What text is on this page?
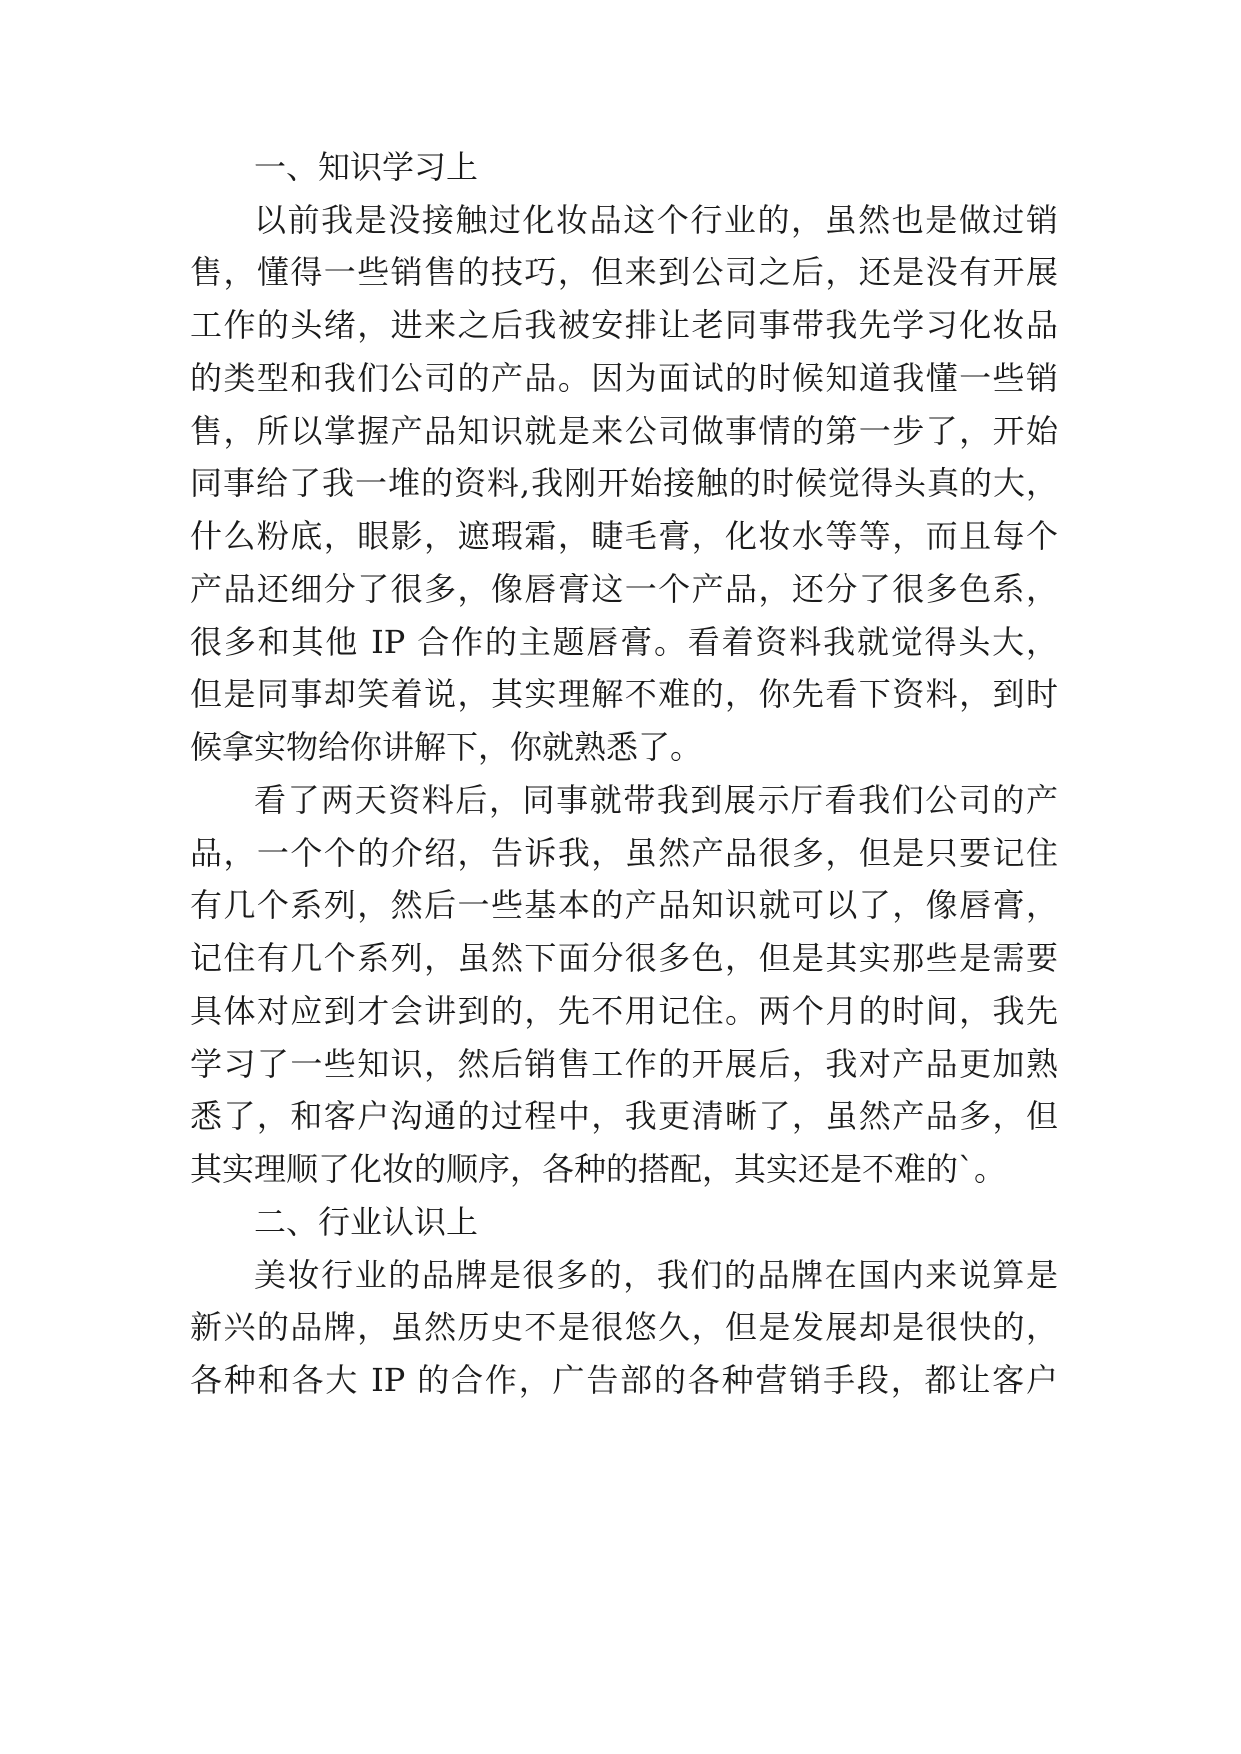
一、知识学习上
以前我是没接触过化妆品这个行业的，虽然也是做过销
售，懂得一些销售的技巧，但来到公司之后，还是没有开展
工作的头绪，进来之后我被安排让老同事带我先学习化妆品
的类型和我们公司的产品。因为面试的时候知道我懂一些销
售，所以掌握产品知识就是来公司做事情的第一步了，开始
同事给了我一堆的资料,我刚开始接触的时候觉得头真的大，
什么粉底，眼影，遮瑕霜，睫毛膏，化妆水等等，而且每个
产品还细分了很多，像唇膏这一个产品，还分了很多色系，
很多和其他 IP 合作的主题唇膏。看着资料我就觉得头大，
但是同事却笑着说，其实理解不难的，你先看下资料，到时
候拿实物给你讲解下，你就熟悉了。
看了两天资料后，同事就带我到展示厅看我们公司的产
品，一个个的介绍，告诉我，虽然产品很多，但是只要记住
有几个系列，然后一些基本的产品知识就可以了，像唇膏，
记住有几个系列，虽然下面分很多色，但是其实那些是需要
具体对应到才会讲到的，先不用记住。两个月的时间，我先
学习了一些知识，然后销售工作的开展后，我对产品更加熟
悉了，和客户沟通的过程中，我更清晰了，虽然产品多，但
其实理顺了化妆的顺序，各种的搭配，其实还是不难的`。
二、行业认识上
美妆行业的品牌是很多的，我们的品牌在国内来说算是
新兴的品牌，虽然历史不是很悠久，但是发展却是很快的，
各种和各大 IP 的合作，广告部的各种营销手段，都让客户
